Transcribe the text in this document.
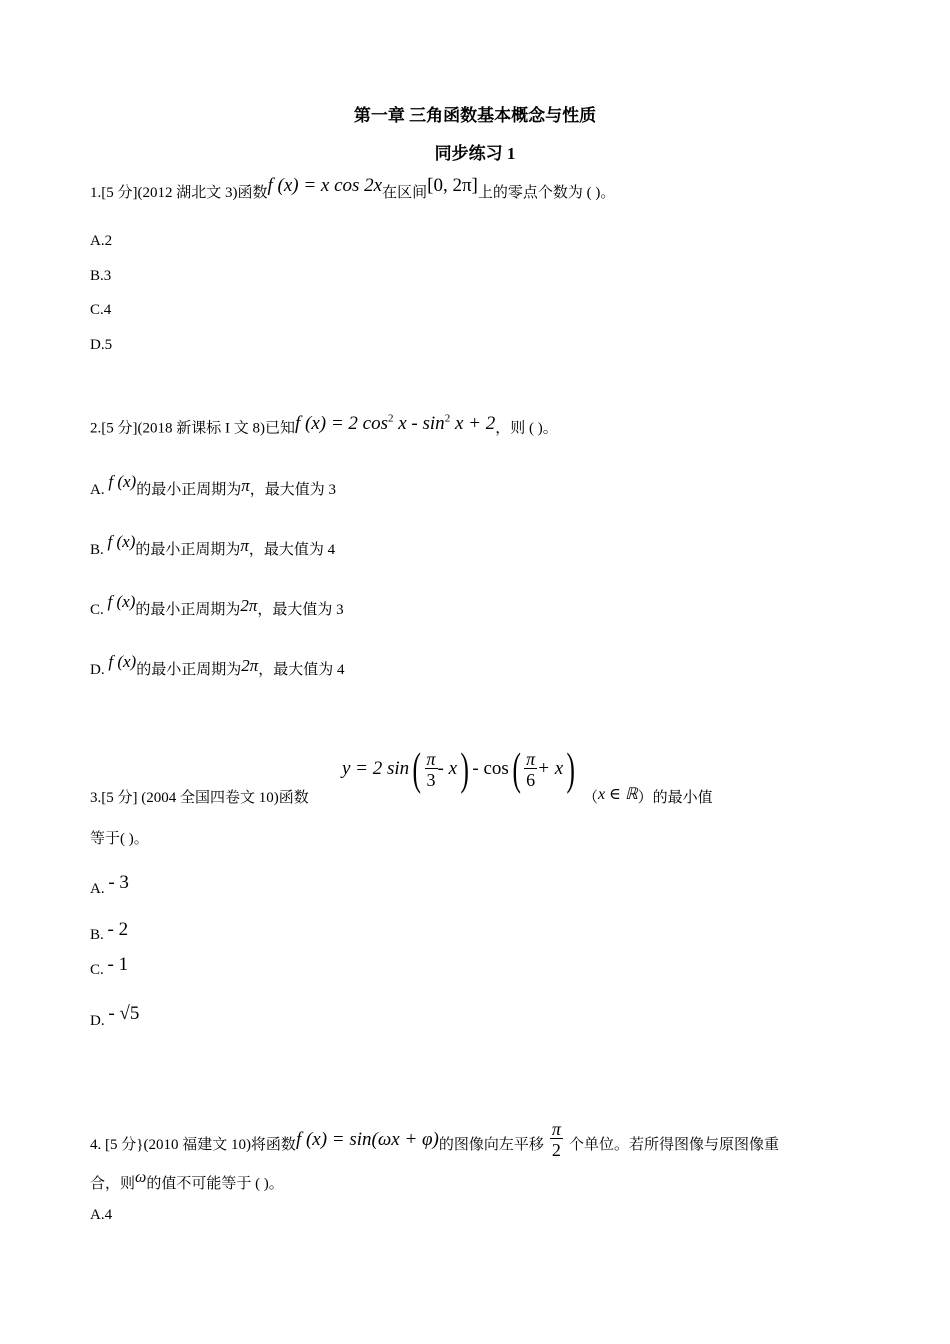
第一章 三角函数基本概念与性质
同步练习 1
1.[5 分](2012 湖北文 3)函数f (x) = x cos 2x在区间[0, 2π]上的零点个数为 ( )。
A.2
B.3
C.4
D.5
2.[5 分](2018 新课标 I 文 8)已知f (x) = 2 $\cos^2 x - \sin^2 x + 2$，则 ( )。
A. f (x)的最小正周期为π，最大值为 3
B. f (x)的最小正周期为π，最大值为 4
C. f (x)的最小正周期为2π，最大值为 3
D. f (x)的最小正周期为2π，最大值为 4
3.[5 分] (2004 全国四卷文 10)函数
y = 2 $\sin( \frac{\pi}{3} - x) - \cos( \frac{\pi}{6} + x)$
（x ∈ ℝ）的最小值
等于( )。
A. - 3
B. - 2
C. - 1
D. - √5
4. [5 分}(2010 福建文 10)将函数f (x) = sin(ωx + φ)的图像向左平移 $\frac{\pi}{2}$ 个单位。若所得图像与原图像重
合，则ω的值不可能等于 ( )。
A.4
